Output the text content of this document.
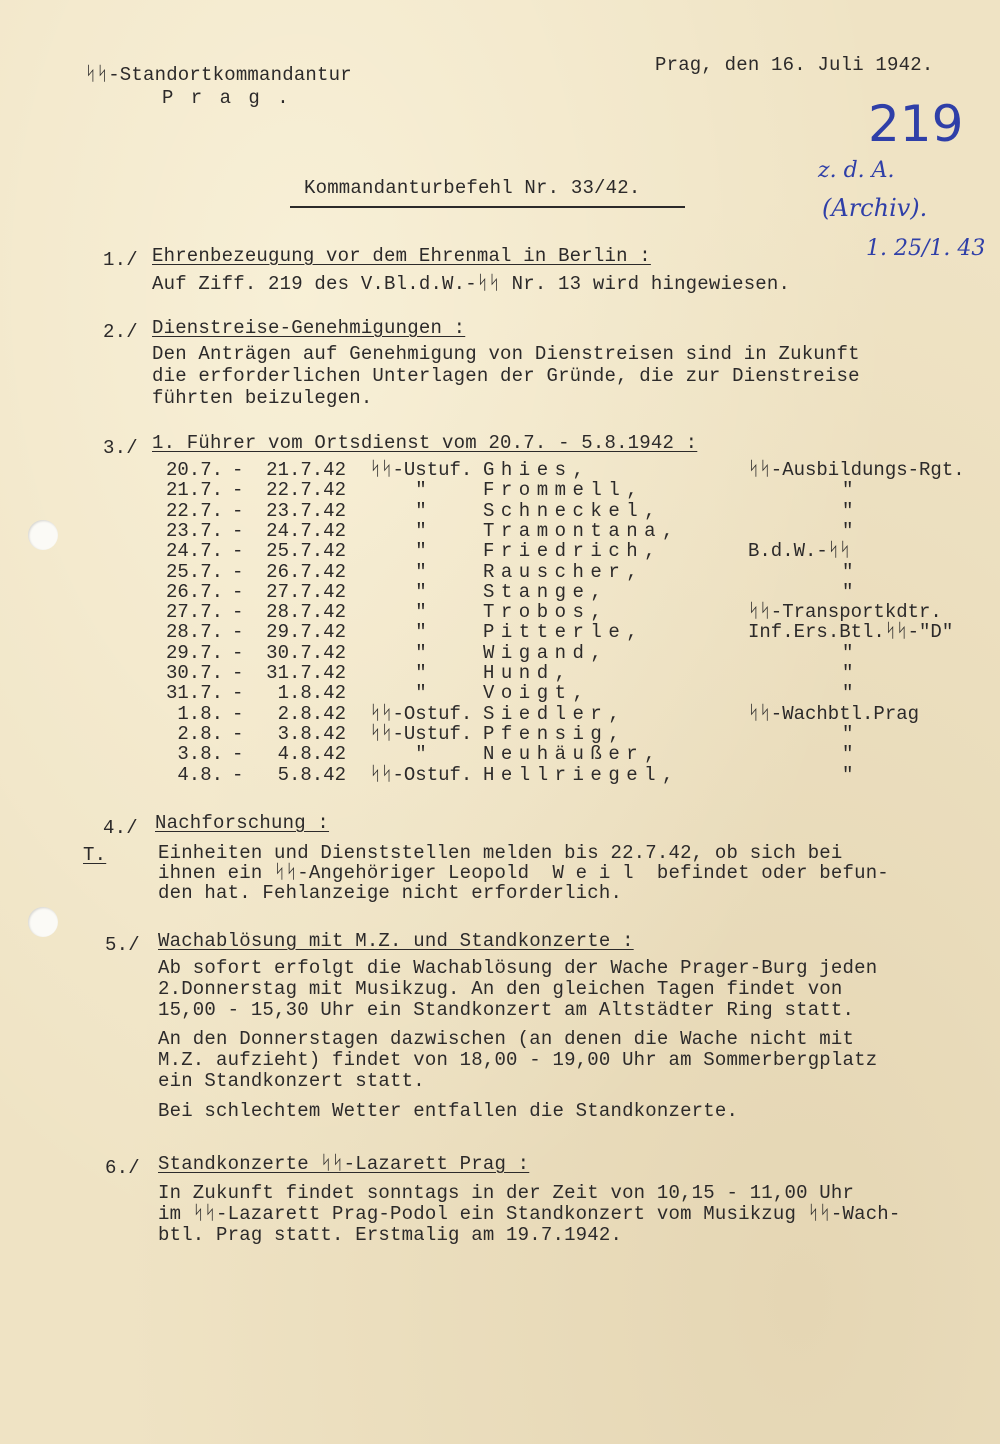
ᛋᛋ-Standortkommandantur
P r a g .
Prag, den 16. Juli 1942.
219
z. d. A.
(Archiv).
1. 25/1. 43
Kommandanturbefehl Nr. 33/42.
1./ Ehrenbezeugung vor dem Ehrenmal in Berlin :
Auf Ziff. 219 des V.Bl.d.W.-ᛋᛋ Nr. 13 wird hingewiesen.
2./ Dienstreise-Genehmigungen :
Den Anträgen auf Genehmigung von Dienstreisen sind in Zukunft
die erforderlichen Unterlagen der Gründe, die zur Dienstreise
führten beizulegen.
3./ 1. Führer vom Ortsdienst vom 20.7. - 5.8.1942 :
20.7. -	21.7.42 ᛋᛋ-Ustuf. Ghies,	ᛋᛋ-Ausbildungs-Rgt.
21.7. -	22.7.42	"	Frommell,	"
22.7. -	23.7.42	"	Schneckel,	"
23.7. -	24.7.42	"	Tramontana,	"
24.7. -	25.7.42	"	Friedrich,	B.d.W.-ᛋᛋ
25.7. -	26.7.42	"	Rauscher,	"
26.7. -	27.7.42	"	Stange,	"
27.7. -	28.7.42	"	Trobos,	ᛋᛋ-Transportkdtr.
28.7. -	29.7.42	"	Pitterle,	Inf.Ers.Btl.ᛋᛋ-"D"
29.7. -	30.7.42	"	Wigand,	"
30.7. -	31.7.42	"	Hund,	"
31.7. -	1.8.42	"	Voigt,	"
1.8. -	2.8.42 ᛋᛋ-Ostuf. Siedler,	ᛋᛋ-Wachbtl.Prag
2.8. -	3.8.42 ᛋᛋ-Ustuf. Pfensig,	"
3.8. -	4.8.42	"	Neuhäußer,	"
4.8. -	5.8.42 ᛋᛋ-Ostuf. Hellriegel,	"
4./ Nachforschung :
T.	Einheiten und Dienststellen melden bis 22.7.42, ob sich bei
ihnen ein ᛋᛋ-Angehöriger Leopold  W e i l  befindet oder befun-
den hat. Fehlanzeige nicht erforderlich.
5./ Wachablösung mit M.Z. und Standkonzerte :
Ab sofort erfolgt die Wachablösung der Wache Prager-Burg jeden
2.Donnerstag mit Musikzug. An den gleichen Tagen findet von
15,00 - 15,30 Uhr ein Standkonzert am Altstädter Ring statt.
An den Donnerstagen dazwischen (an denen die Wache nicht mit
M.Z. aufzieht) findet von 18,00 - 19,00 Uhr am Sommerbergplatz
ein Standkonzert statt.
Bei schlechtem Wetter entfallen die Standkonzerte.
6./ Standkonzerte ᛋᛋ-Lazarett Prag :
In Zukunft findet sonntags in der Zeit von 10,15 - 11,00 Uhr
im ᛋᛋ-Lazarett Prag-Podol ein Standkonzert vom Musikzug ᛋᛋ-Wach-
btl. Prag statt. Erstmalig am 19.7.1942.
